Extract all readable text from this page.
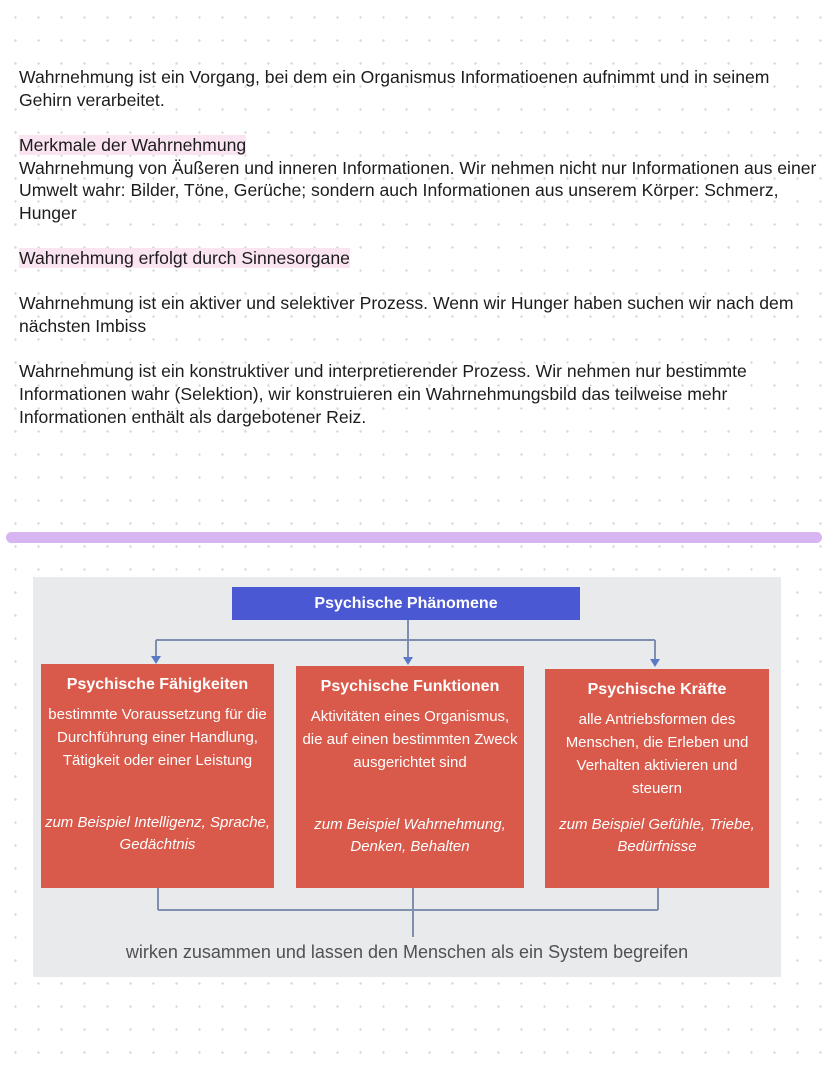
Wahrnehmung ist ein Vorgang, bei dem ein Organismus Informatioenen aufnimmt und in seinem Gehirn verarbeitet.

Merkmale der Wahrnehmung

Wahrnehmung von Äußeren und inneren Informationen. Wir nehmen nicht nur Informationen aus einer Umwelt wahr: Bilder, Töne, Gerüche; sondern auch Informationen aus unserem Körper: Schmerz, Hunger

Wahrnehmung erfolgt durch Sinnesorgane

Wahrnehmung ist ein aktiver und selektiver Prozess. Wenn wir Hunger haben suchen wir nach dem nächsten Imbiss

Wahrnehmung ist ein konstruktiver und interpretierender Prozess. Wir nehmen nur bestimmte Informationen wahr (Selektion), wir konstruieren ein Wahrnehmungsbild das teilweise mehr Informationen enthält als dargebotener Reiz.

Psychische Phänomene
Psychische Fähigkeiten
bestimmte Voraussetzung für die Durchführung einer Handlung, Tätigkeit oder einer Leistung
zum Beispiel Intelligenz, Sprache, Gedächtnis
Psychische Funktionen
Aktivitäten eines Organismus, die auf einen bestimmten Zweck ausgerichtet sind
zum Beispiel Wahrnehmung, Denken, Behalten
Psychische Kräfte
alle Antriebsformen des Menschen, die Erleben und Verhalten aktivieren und steuern
zum Beispiel Gefühle, Triebe, Bedürfnisse
wirken zusammen und lassen den Menschen als ein System begreifen
